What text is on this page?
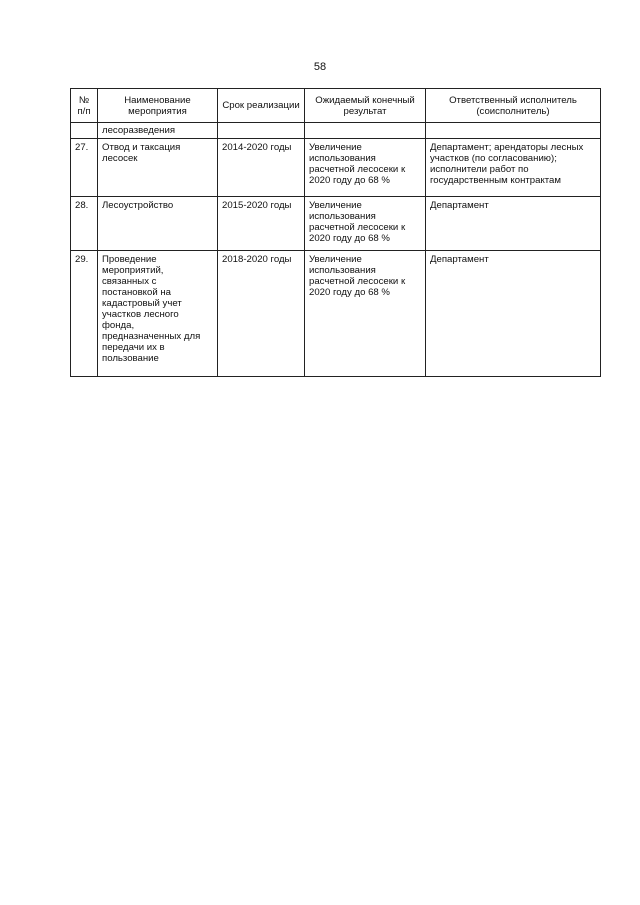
58
№ п/п	Наименование мероприятия	Срок реализации	Ожидаемый конечный результат	Ответственный исполнитель (соисполнитель)
	лесоразведения			
27.	Отвод и таксация лесосек	2014-2020 годы	Увеличение использования расчетной лесосеки к 2020 году до 68 %	Департамент; арендаторы лесных участков (по согласованию); исполнители работ по государственным контрактам
28.	Лесоустройство	2015-2020 годы	Увеличение использования расчетной лесосеки к 2020 году до 68 %	Департамент
29.	Проведение мероприятий, связанных с постановкой на кадастровый учет участков лесного фонда, предназначенных для передачи их в пользование	2018-2020 годы	Увеличение использования расчетной лесосеки к 2020 году до 68 %	Департамент
